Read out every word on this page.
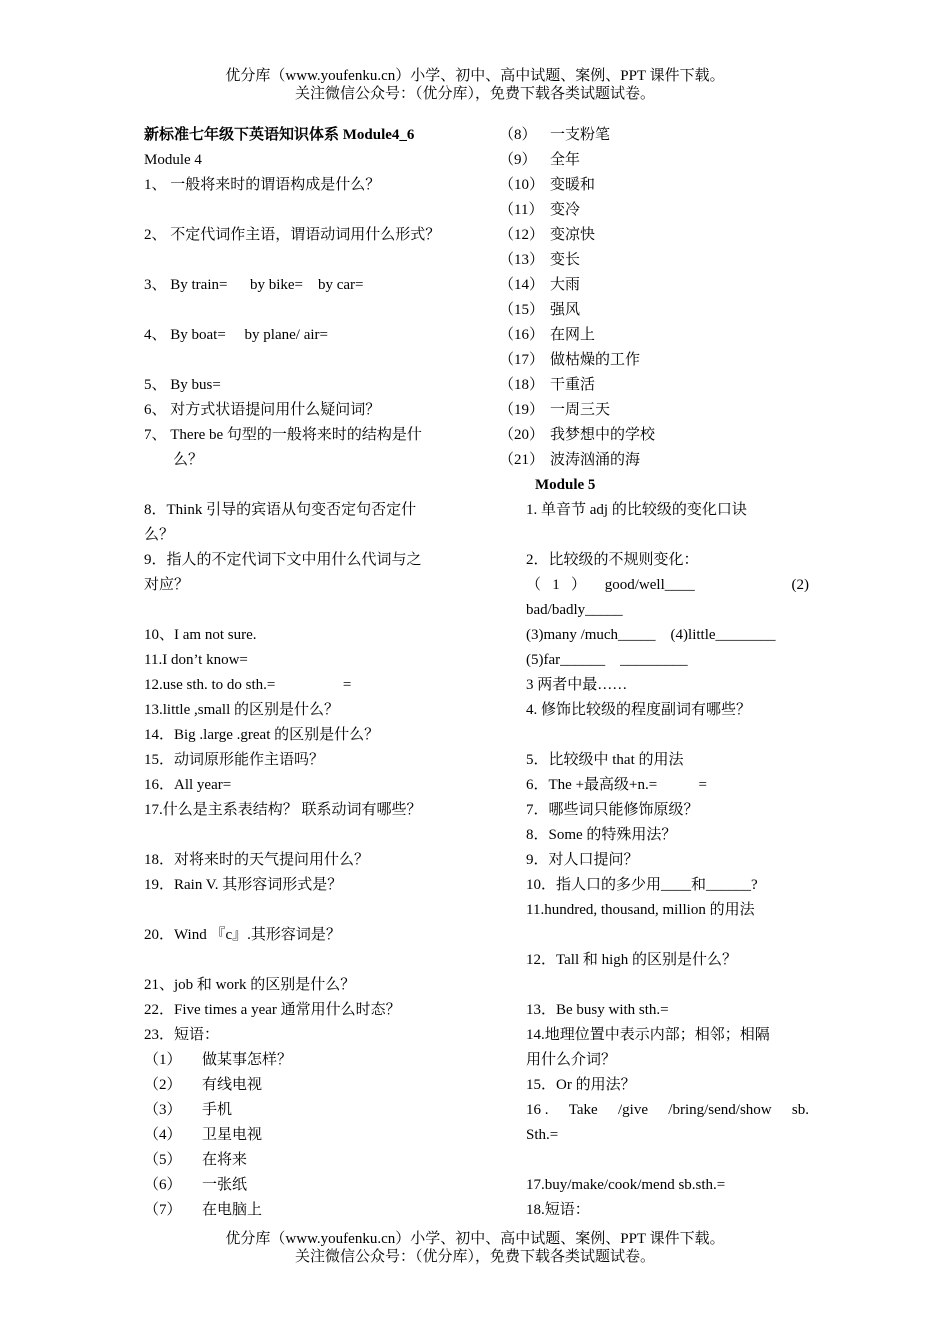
优分库（www.youfenku.cn）小学、初中、高中试题、案例、PPT 课件下载。
关注微信公众号：（优分库），免费下载各类试题试卷。
新标准七年级下英语知识体系 Module4_6
Module 4
1、 一般将来时的谓语构成是什么？
2、 不定代词作主语，谓语动词用什么形式？
3、 By train=      by bike=    by car=
4、 By boat=     by plane/ air=
5、 By bus=
6、 对方式状语提问用什么疑问词？
7、 There be 句型的一般将来时的结构是什
么？
8．Think 引导的宾语从句变否定句否定什
么？
9．指人的不定代词下文中用什么代词与之
对应？
10、I am not sure.
11.I don’t know=
12.use sth. to do sth.=                  =
13.little ,small 的区别是什么？
14．Big .large .great 的区别是什么？
15．动词原形能作主语吗？
16．All year=
17.什么是主系表结构？ 联系动词有哪些？
18．对将来时的天气提问用什么？
19．Rain V. 其形容词形式是？
20．Wind 『c』.其形容词是？
21、job 和 work 的区别是什么？
22．Five times a year 通常用什么时态？
23．短语：
（1） 做某事怎样？
（2） 有线电视
（3） 手机
（4） 卫星电视
（5） 在将来
（6） 一张纸
（7） 在电脑上
（8） 一支粉笔
（9） 全年
（10） 变暖和
（11） 变冷
（12） 变凉快
（13） 变长
（14） 大雨
（15） 强风
（16） 在网上
（17） 做枯燥的工作
（18） 干重活
（19） 一周三天
（20） 我梦想中的学校
（21） 波涛汹涌的海
Module 5
1. 单音节 adj 的比较级的变化口诀
2．比较级的不规则变化：
（   1   ）     good/well____	(2)
bad/badly_____
(3)many /much_____    (4)little________
(5)far______    _________
3 两者中最……
4. 修饰比较级的程度副词有哪些？
5．比较级中 that 的用法
6．The +最高级+n.=           =
7．哪些词只能修饰原级？
8．Some 的特殊用法？
9．对人口提问？
10．指人口的多少用____和______?
11.hundred, thousand, million 的用法
12．Tall 和 high 的区别是什么？
13．Be busy with sth.=
14.地理位置中表示内部；相邻；相隔
用什么介词？
15．Or 的用法？
16 . Take /give /bring/send/show sb.
Sth.=
17.buy/make/cook/mend sb.sth.=
18.短语：
优分库（www.youfenku.cn）小学、初中、高中试题、案例、PPT 课件下载。
关注微信公众号：（优分库），免费下载各类试题试卷。
